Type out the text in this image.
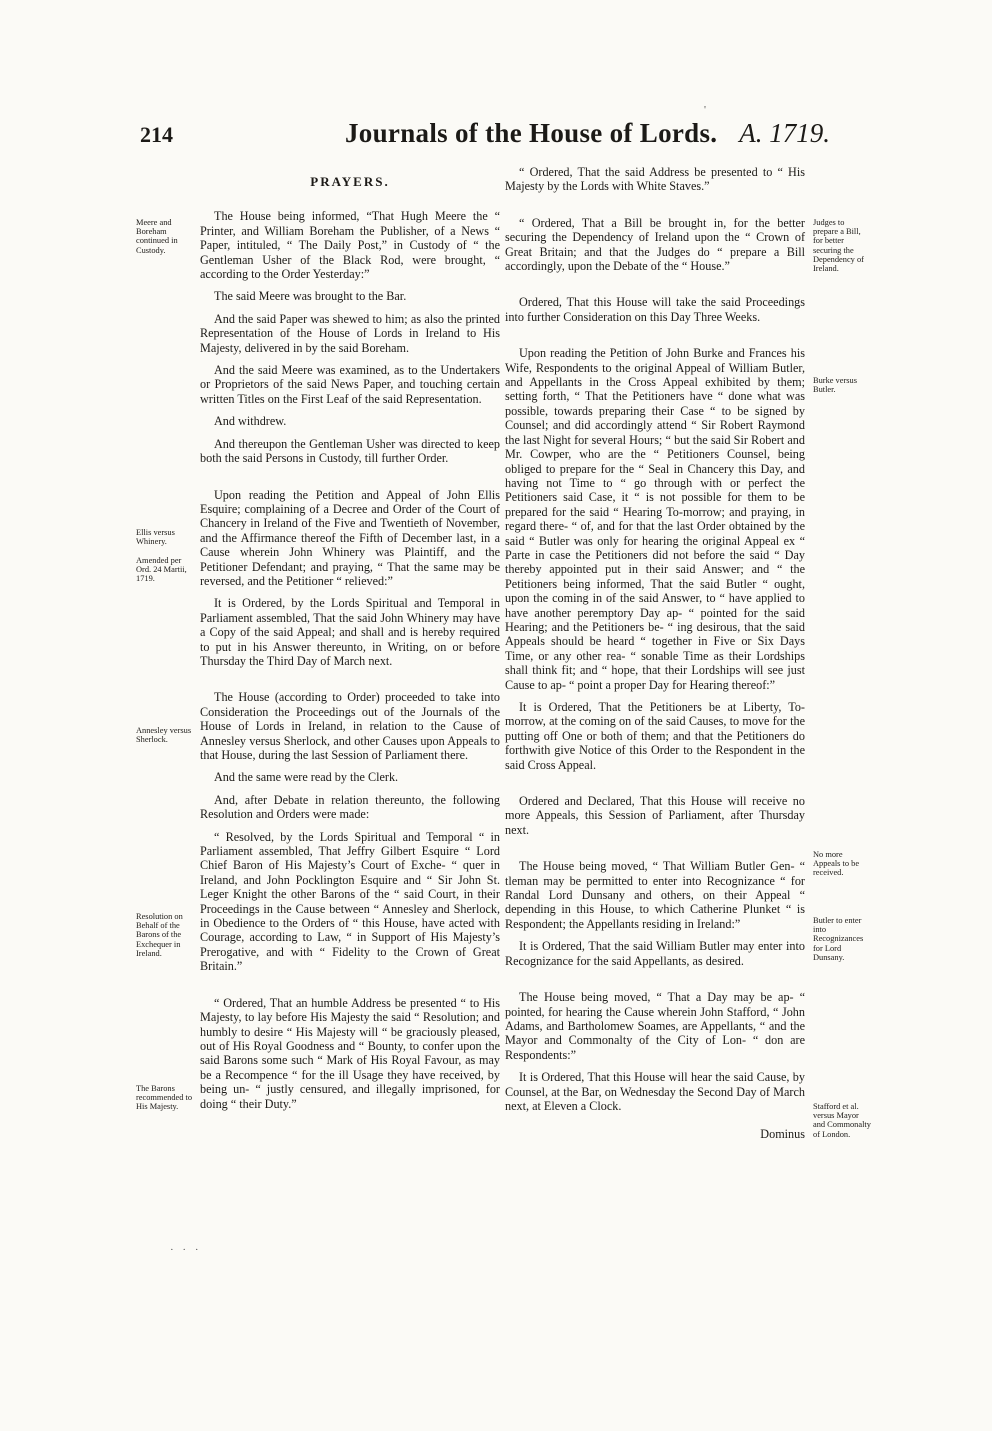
214	Journals of the House of Lords. A. 1719.

PRAYERS.

The House being informed, “That Hugh Meere the “ Printer, and William Boreham the Publisher, of a News “ Paper, intituled, “ The Daily Post,” in Custody of “ the Gentleman Usher of the Black Rod, were brought, “ according to the Order Yesterday:”

The said Meere was brought to the Bar.

And the said Paper was shewed to him; as also the printed Representation of the House of Lords in Ireland to His Majesty, delivered in by the said Boreham.

And the said Meere was examined, as to the Undertakers or Proprietors of the said News Paper, and touching certain written Titles on the First Leaf of the said Representation.

And withdrew.

And thereupon the Gentleman Usher was directed to keep both the said Persons in Custody, till further Order.

Upon reading the Petition and Appeal of John Ellis Esquire; complaining of a Decree and Order of the Court of Chancery in Ireland of the Five and Twentieth of November, and the Affirmance thereof the Fifth of December last, in a Cause wherein John Whinery was Plaintiff, and the Petitioner Defendant; and praying, “ That the same may be reversed, and the Petitioner “ relieved:”

It is Ordered, by the Lords Spiritual and Temporal in Parliament assembled, That the said John Whinery may have a Copy of the said Appeal; and shall and is hereby required to put in his Answer thereunto, in Writing, on or before Thursday the Third Day of March next.

The House (according to Order) proceeded to take into Consideration the Proceedings out of the Journals of the House of Lords in Ireland, in relation to the Cause of Annesley versus Sherlock, and other Causes upon Appeals to that House, during the last Session of Parliament there.

And the same were read by the Clerk.

And, after Debate in relation thereunto, the following Resolution and Orders were made:

“ Resolved, by the Lords Spiritual and Temporal “ in Parliament assembled, That Jeffry Gilbert Esquire “ Lord Chief Baron of His Majesty’s Court of Exche- “ quer in Ireland, and John Pocklington Esquire and “ Sir John St. Leger Knight the other Barons of the “ said Court, in their Proceedings in the Cause between “ Annesley and Sherlock, in Obedience to the Orders of “ this House, have acted with Courage, according to Law, “ in Support of His Majesty’s Prerogative, and with “ Fidelity to the Crown of Great Britain.”

“ Ordered, That an humble Address be presented “ to His Majesty, to lay before His Majesty the said “ Resolution; and humbly to desire “ His Majesty will “ be graciously pleased, out of His Royal Goodness and “ Bounty, to confer upon the said Barons some such “ Mark of His Royal Favour, as may be a Recompence “ for the ill Usage they have received, by being un- “ justly censured, and illegally imprisoned, for doing “ their Duty.”

“ Ordered, That the said Address be presented to “ His Majesty by the Lords with White Staves.”

“ Ordered, That a Bill be brought in, for the better securing the Dependency of Ireland upon the “ Crown of Great Britain; and that the Judges do “ prepare a Bill accordingly, upon the Debate of the “ House.”

Ordered, That this House will take the said Proceedings into further Consideration on this Day Three Weeks.

Upon reading the Petition of John Burke and Frances his Wife, Respondents to the original Appeal of William Butler, and Appellants in the Cross Appeal exhibited by them; setting forth, “ That the Petitioners have “ done what was possible, towards preparing their Case “ to be signed by Counsel; and did accordingly attend “ Sir Robert Raymond the last Night for several Hours; “ but the said Sir Robert and Mr. Cowper, who are the “ Petitioners Counsel, being obliged to prepare for the “ Seal in Chancery this Day, and having not Time to “ go through with or perfect the Petitioners said Case, it “ is not possible for them to be prepared for the said “ Hearing To-morrow; and praying, in regard there- “ of, and for that the last Order obtained by the said “ Butler was only for hearing the original Appeal ex “ Parte in case the Petitioners did not before the said “ Day thereby appointed put in their said Answer; and “ the Petitioners being informed, That the said Butler “ ought, upon the coming in of the said Answer, to “ have applied to have another peremptory Day ap- “ pointed for the said Hearing; and the Petitioners be- “ ing desirous, that the said Appeals should be heard “ together in Five or Six Days Time, or any other rea- “ sonable Time as their Lordships shall think fit; and “ hope, that their Lordships will see just Cause to ap- “ point a proper Day for Hearing thereof:”

It is Ordered, That the Petitioners be at Liberty, To-morrow, at the coming on of the said Causes, to move for the putting off One or both of them; and that the Petitioners do forthwith give Notice of this Order to the Respondent in the said Cross Appeal.

Ordered and Declared, That this House will receive no more Appeals, this Session of Parliament, after Thursday next.

The House being moved, “ That William Butler Gen- “ tleman may be permitted to enter into Recognizance “ for Randal Lord Dunsany and others, on their Appeal “ depending in this House, to which Catherine Plunket “ is Respondent; the Appellants residing in Ireland:”

It is Ordered, That the said William Butler may enter into Recognizance for the said Appellants, as desired.

The House being moved, “ That a Day may be ap- “ pointed, for hearing the Cause wherein John Stafford, “ John Adams, and Bartholomew Soames, are Appellants, “ and the Mayor and Commonalty of the City of Lon- “ don are Respondents:”

It is Ordered, That this House will hear the said Cause, by Counsel, at the Bar, on Wednesday the Second Day of March next, at Eleven a Clock.

Dominus

Meere and Boreham continued in Custody.
Ellis versus Whinery.
Amended per Ord. 24 Martii, 1719.
Annesley versus Sherlock.
Resolution on Behalf of the Barons of the Exchequer in Ireland.
The Barons recommended to His Majesty.
Judges to prepare a Bill, for better securing the Dependency of Ireland.
Burke versus Butler.
No more Appeals to be received.
Butler to enter into Recognizances for Lord Dunsany.
Stafford et al. versus Mayor and Commonalty of London.
'
· · ·
